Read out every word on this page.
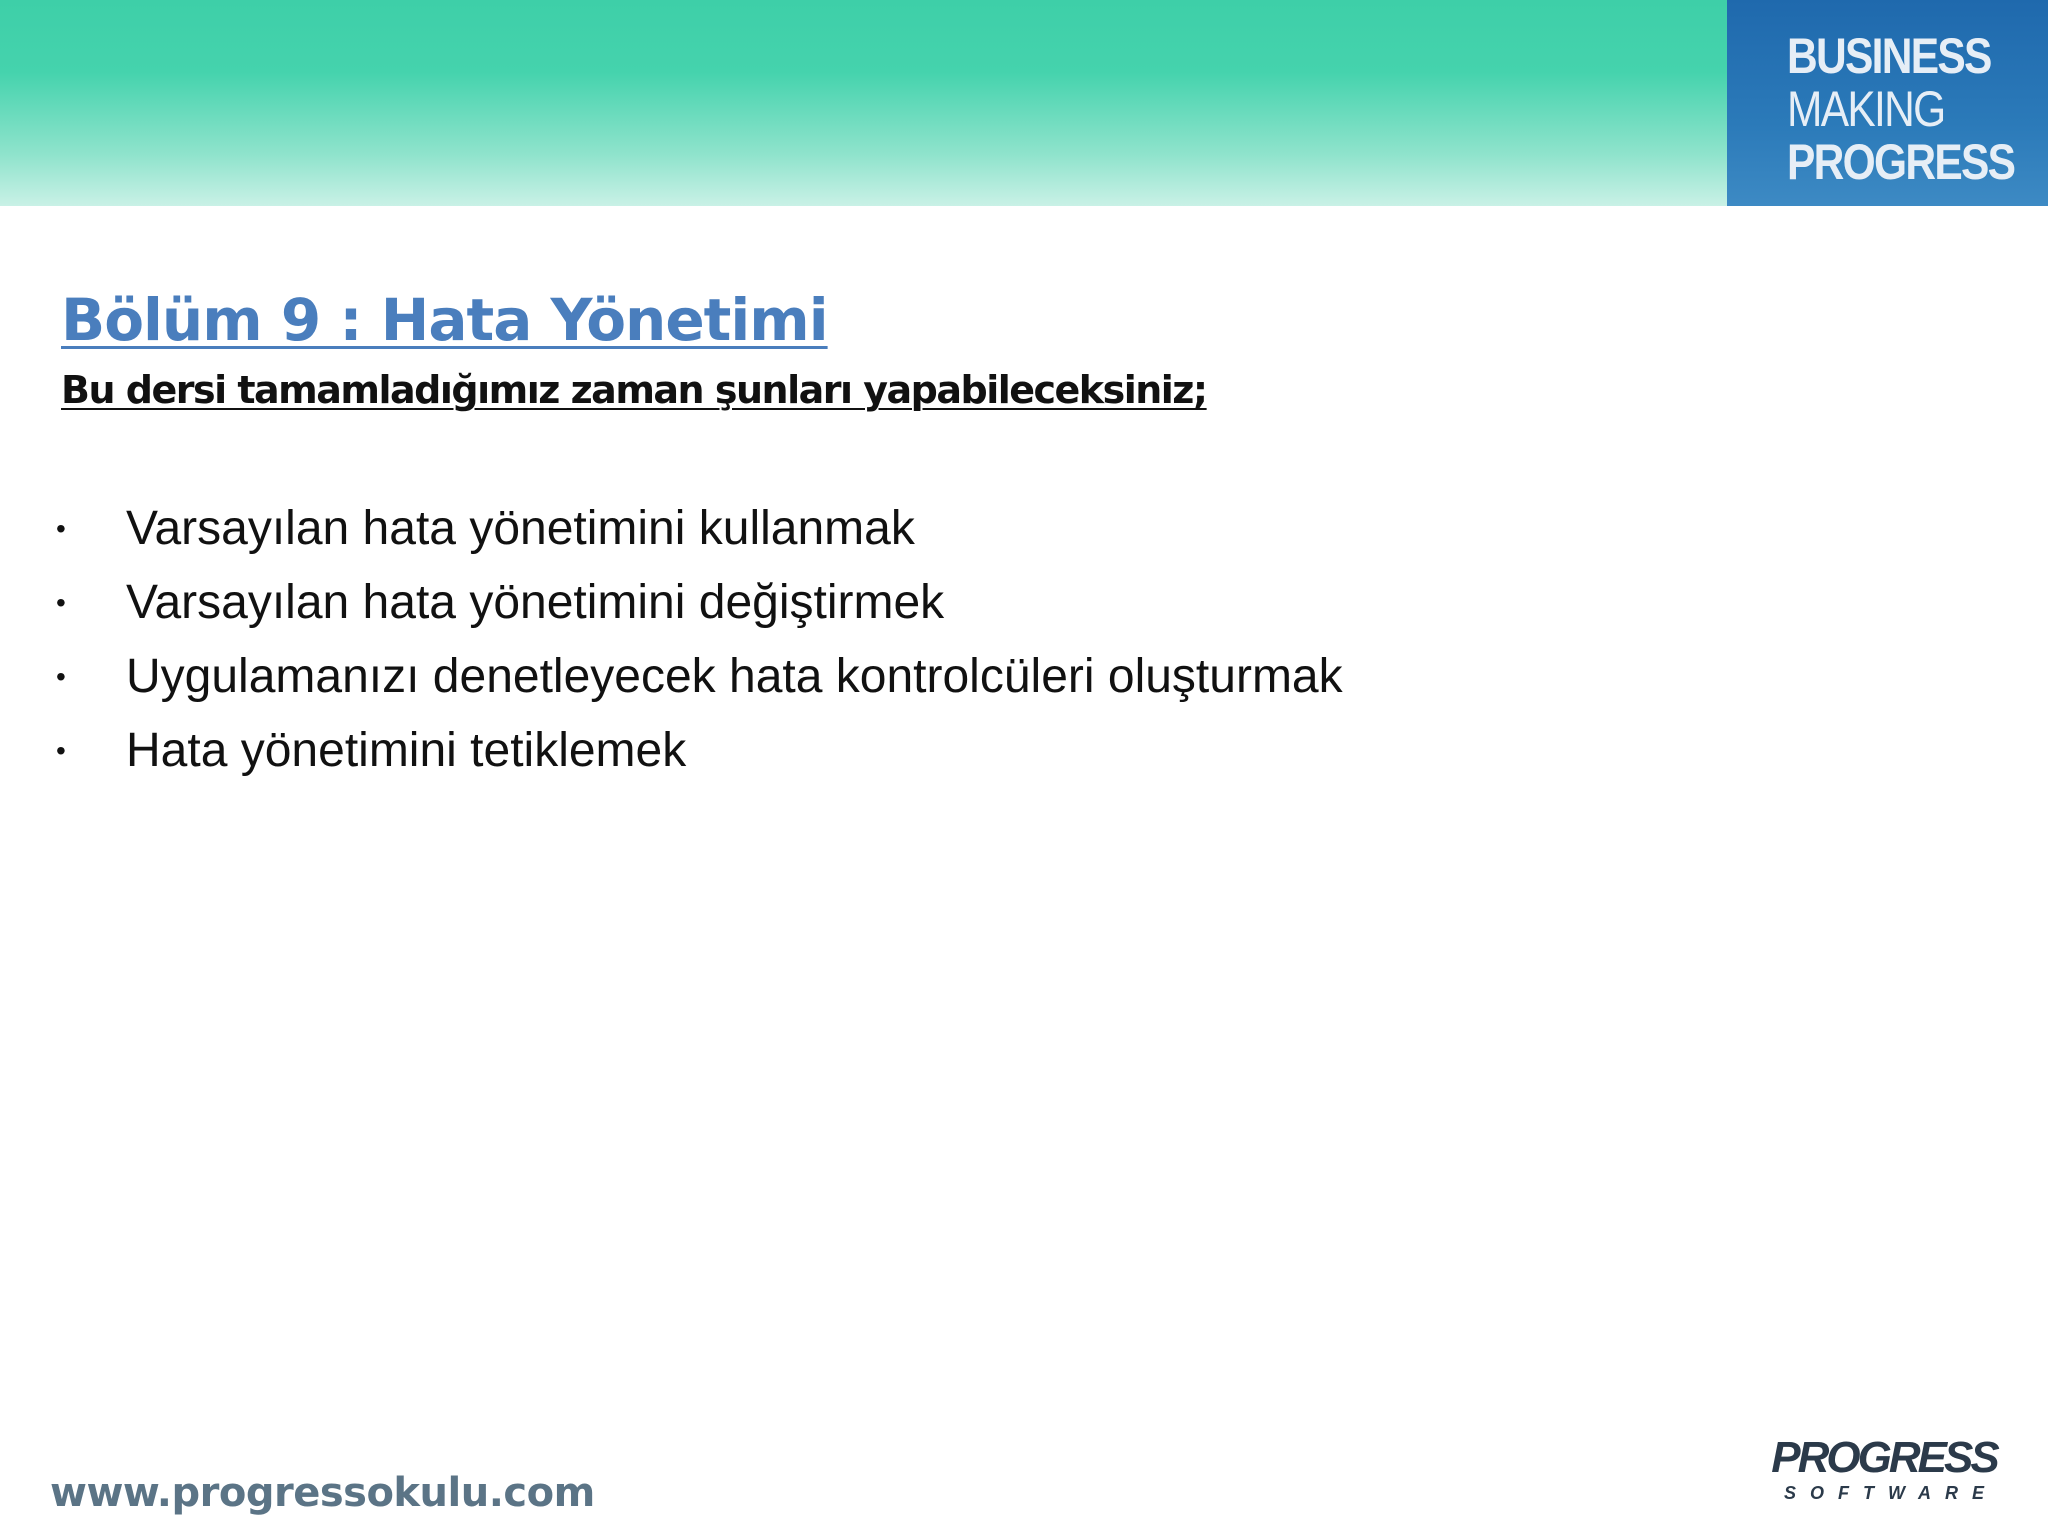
BUSINESS
MAKING
PROGRESS
Bölüm 9 : Hata Yönetimi
Bu dersi tamamladığımız zaman şunları yapabileceksiniz;
• Varsayılan hata yönetimini kullanmak
• Varsayılan hata yönetimini değiştirmek
• Uygulamanızı denetleyecek hata kontrolcüleri oluşturmak
• Hata yönetimini tetiklemek
www.progressokulu.com
PROGRESS
SOFTWARE
